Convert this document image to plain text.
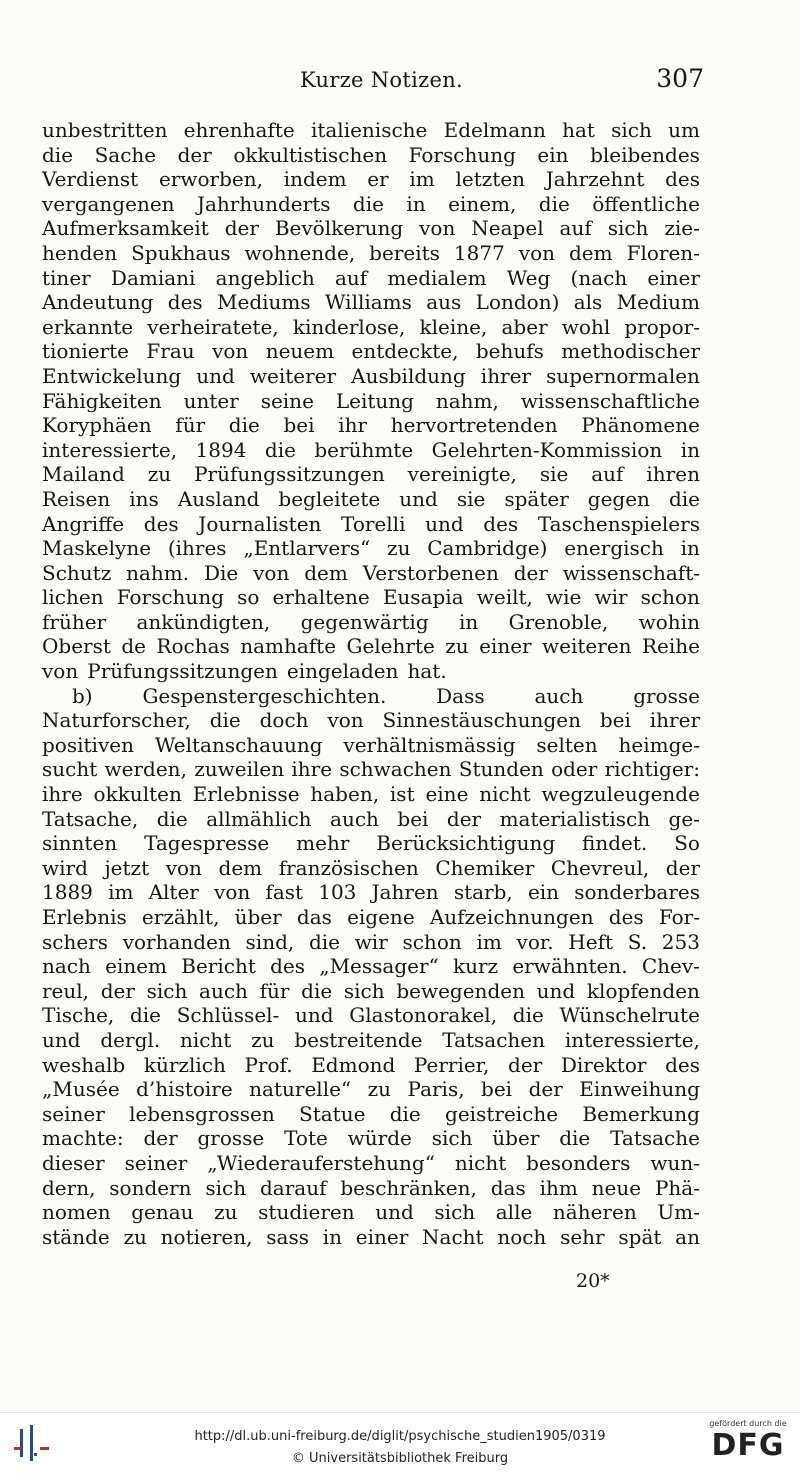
Kurze Notizen.	307
unbestritten ehrenhafte italienische Edelmann hat sich um
die Sache der okkultistischen Forschung ein bleibendes
Verdienst erworben, indem er im letzten Jahrzehnt des
vergangenen Jahrhunderts die in einem, die öffentliche
Aufmerksamkeit der Bevölkerung von Neapel auf sich zie-
henden Spukhaus wohnende, bereits 1877 von dem Floren-
tiner Damiani angeblich auf medialem Weg (nach einer
Andeutung des Mediums Williams aus London) als Medium
erkannte verheiratete, kinderlose, kleine, aber wohl propor-
tionierte Frau von neuem entdeckte, behufs methodischer
Entwickelung und weiterer Ausbildung ihrer supernormalen
Fähigkeiten unter seine Leitung nahm, wissenschaftliche
Koryphäen für die bei ihr hervortretenden Phänomene
interessierte, 1894 die berühmte Gelehrten-Kommission in
Mailand zu Prüfungssitzungen vereinigte, sie auf ihren
Reisen ins Ausland begleitete und sie später gegen die
Angriffe des Journalisten Torelli und des Taschenspielers
Maskelyne (ihres „Entlarvers“ zu Cambridge) energisch in
Schutz nahm. Die von dem Verstorbenen der wissenschaft-
lichen Forschung so erhaltene Eusapia weilt, wie wir schon
früher ankündigten, gegenwärtig in Grenoble, wohin
Oberst de Rochas namhafte Gelehrte zu einer weiteren Reihe
von Prüfungssitzungen eingeladen hat.
b) Gespenstergeschichten. Dass auch grosse
Naturforscher, die doch von Sinnestäuschungen bei ihrer
positiven Weltanschauung verhältnismässig selten heimge-
sucht werden, zuweilen ihre schwachen Stunden oder richtiger:
ihre okkulten Erlebnisse haben, ist eine nicht wegzuleugende
Tatsache, die allmählich auch bei der materialistisch ge-
sinnten Tagespresse mehr Berücksichtigung findet. So
wird jetzt von dem französischen Chemiker Chevreul, der
1889 im Alter von fast 103 Jahren starb, ein sonderbares
Erlebnis erzählt, über das eigene Aufzeichnungen des For-
schers vorhanden sind, die wir schon im vor. Heft S. 253
nach einem Bericht des „Messager“ kurz erwähnten. Chev-
reul, der sich auch für die sich bewegenden und klopfenden
Tische, die Schlüssel- und Glastonorakel, die Wünschelrute
und dergl. nicht zu bestreitende Tatsachen interessierte,
weshalb kürzlich Prof. Edmond Perrier, der Direktor des
„Musée d’histoire naturelle“ zu Paris, bei der Einweihung
seiner lebensgrossen Statue die geistreiche Bemerkung
machte: der grosse Tote würde sich über die Tatsache
dieser seiner „Wiederauferstehung“ nicht besonders wun-
dern, sondern sich darauf beschränken, das ihm neue Phä-
nomen genau zu studieren und sich alle näheren Um-
stände zu notieren, sass in einer Nacht noch sehr spät an
20*
http://dl.ub.uni-freiburg.de/diglit/psychische_studien1905/0319
© Universitätsbibliothek Freiburg
gefördert durch die
DFG
